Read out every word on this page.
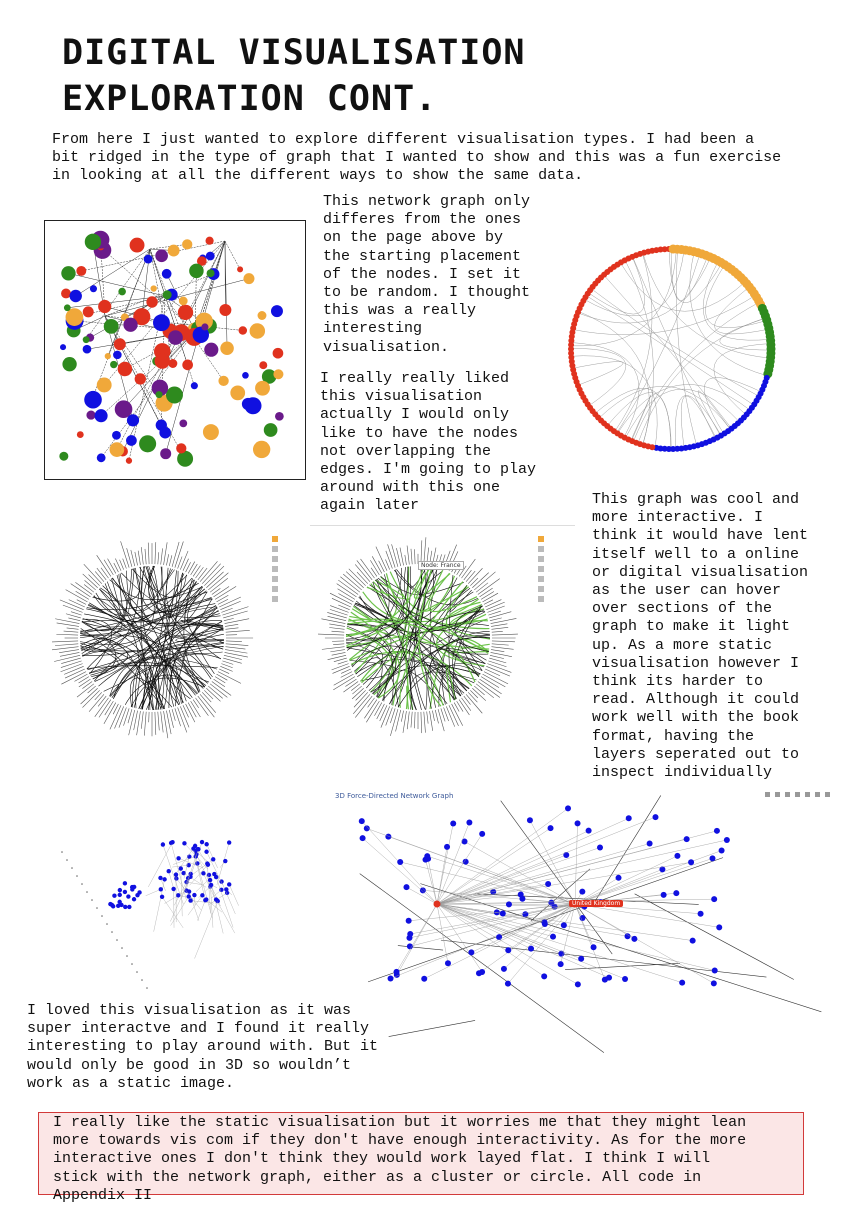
DIGITAL VISUALISATION
EXPLORATION CONT.

From here I just wanted to explore different visualisation types. I had been a
bit ridged in the type of graph that I wanted to show and this was a fun exercise
in looking at all the different ways to show the same data.

This network graph only
differes from the ones
on the page above by
the starting placement
of the nodes. I set it
to be random. I thought
this was a really
interesting
visualisation.

I really really liked
this visualisation
actually I would only
like to have the nodes
not overlapping the
edges. I'm going to play
around with this one
again later

Node: France

This graph was cool and
more interactive. I
think it would have lent
itself well to a online
or digital visualisation
as the user can hover
over sections of the
graph to make it light
up. As a more static
visualisation however I
think its harder to
read. Although it could
work well with the book
format, having the
layers seperated out to
inspect individually

3D Force-Directed Network Graph
United Kingdom

I loved this visualisation as it was
super interactve and I found it really
interesting to play around with. But it
would only be good in 3D so wouldn’t
work as a static image.

I really like the static visualisation but it worries me that they might lean
more towards vis com if they don't have enough interactivity. As for the more
interactive ones I don't think they would work layed flat. I think I will
stick with the network graph, either as a cluster or circle. All code in
Appendix II
